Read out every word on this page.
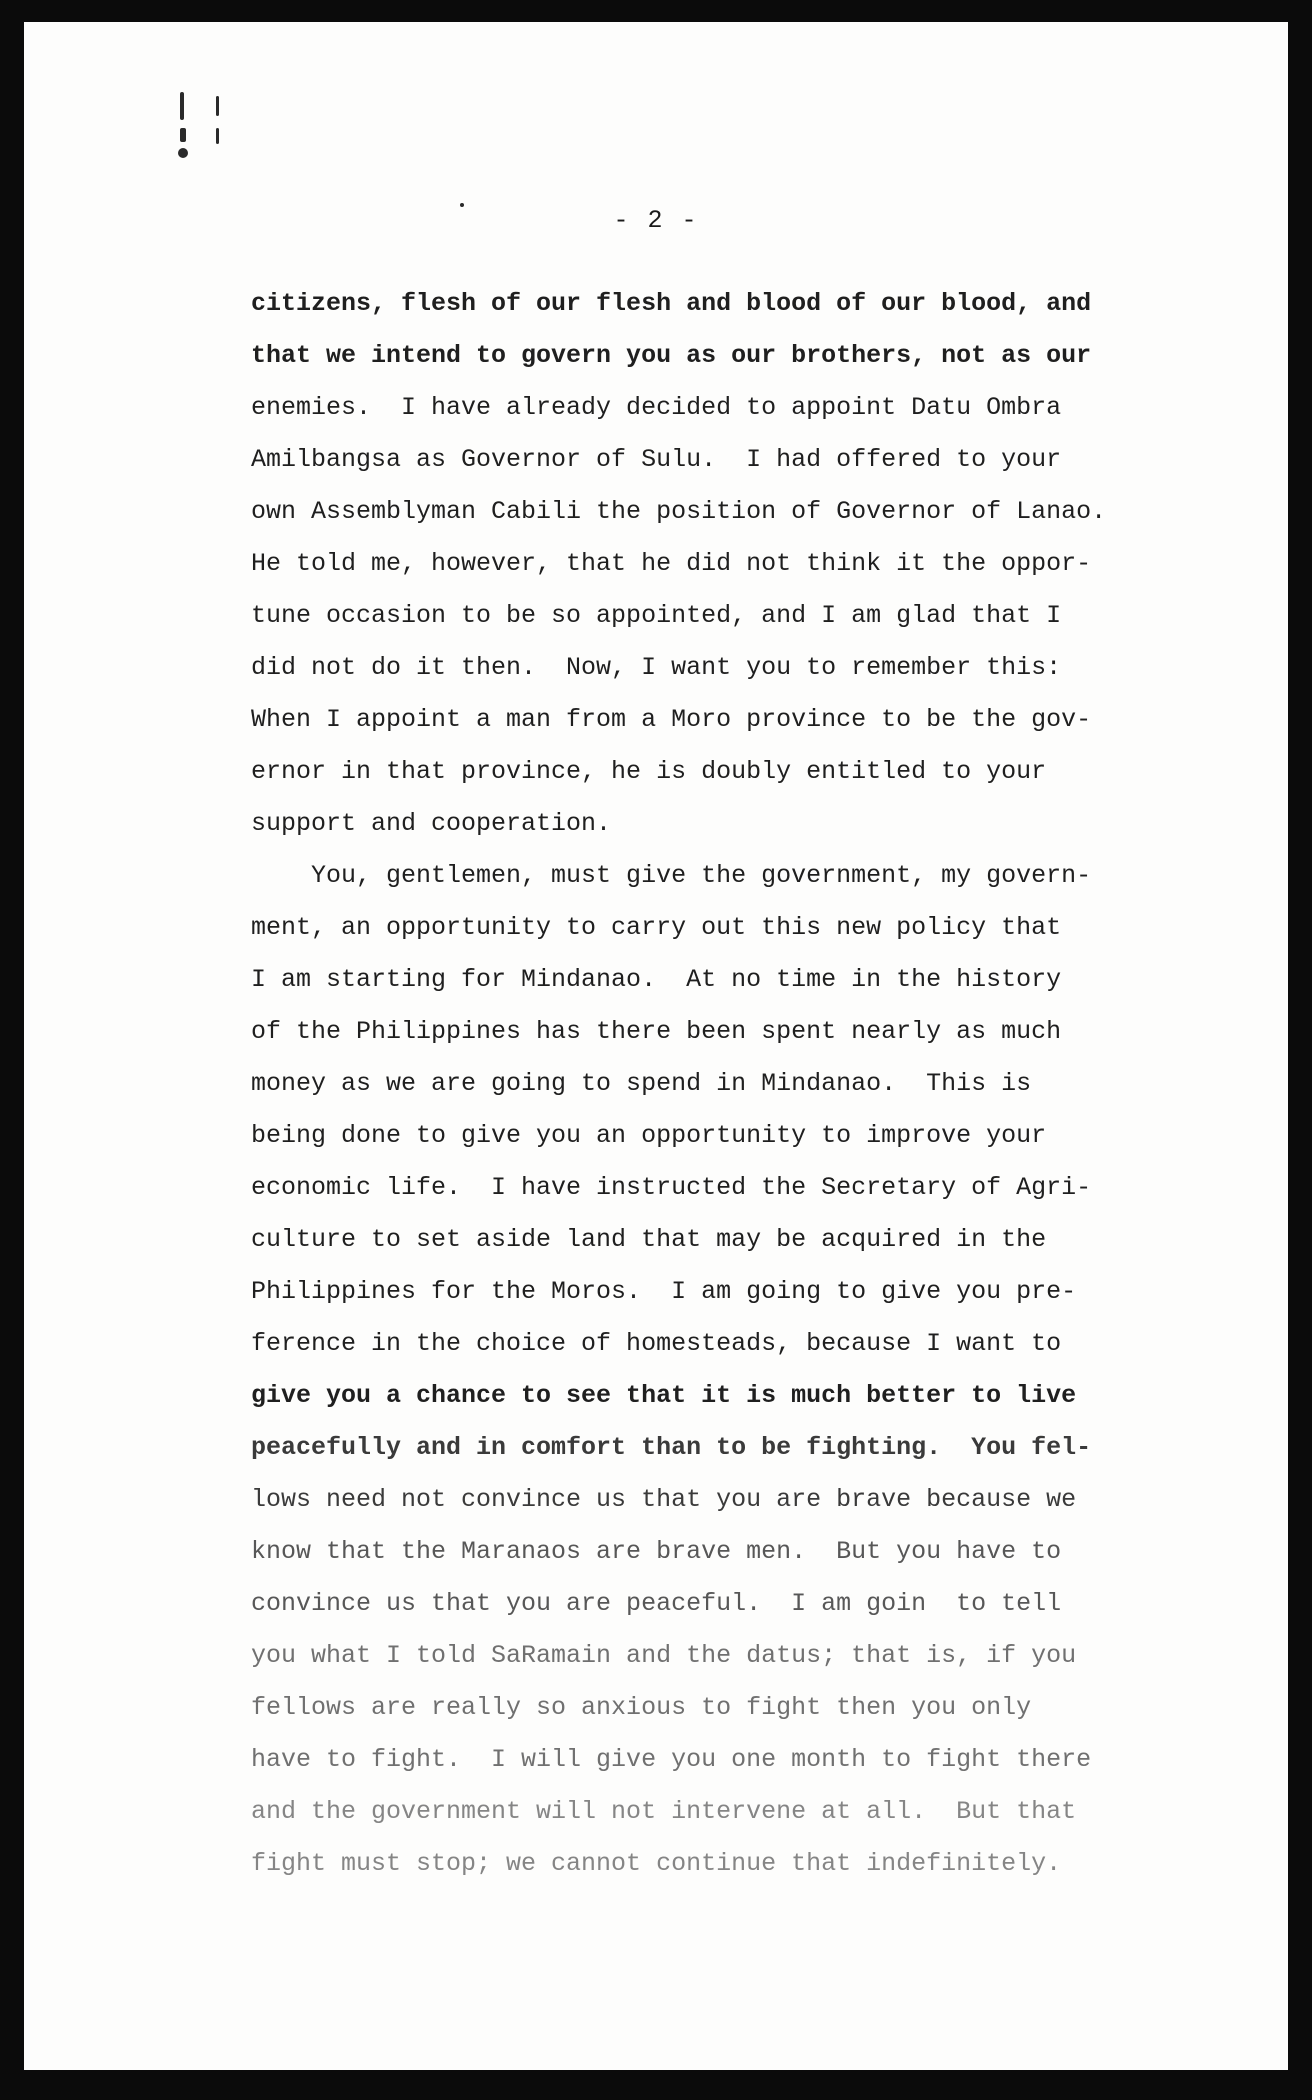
- 2 -
citizens, flesh of our flesh and blood of our blood, and
that we intend to govern you as our brothers, not as our
enemies.  I have already decided to appoint Datu Ombra
Amilbangsa as Governor of Sulu.  I had offered to your
own Assemblyman Cabili the position of Governor of Lanao.
He told me, however, that he did not think it the oppor-
tune occasion to be so appointed, and I am glad that I
did not do it then.  Now, I want you to remember this:
When I appoint a man from a Moro province to be the gov-
ernor in that province, he is doubly entitled to your
support and cooperation.
You, gentlemen, must give the government, my govern-
ment, an opportunity to carry out this new policy that
I am starting for Mindanao.  At no time in the history
of the Philippines has there been spent nearly as much
money as we are going to spend in Mindanao.  This is
being done to give you an opportunity to improve your
economic life.  I have instructed the Secretary of Agri-
culture to set aside land that may be acquired in the
Philippines for the Moros.  I am going to give you pre-
ference in the choice of homesteads, because I want to
give you a chance to see that it is much better to live
peacefully and in comfort than to be fighting.  You fel-
lows need not convince us that you are brave because we
know that the Maranaos are brave men.  But you have to
convince us that you are peaceful.  I am goin  to tell
you what I told SaRamain and the datus; that is, if you
fellows are really so anxious to fight then you only
have to fight.  I will give you one month to fight there
and the government will not intervene at all.  But that
fight must stop; we cannot continue that indefinitely.
